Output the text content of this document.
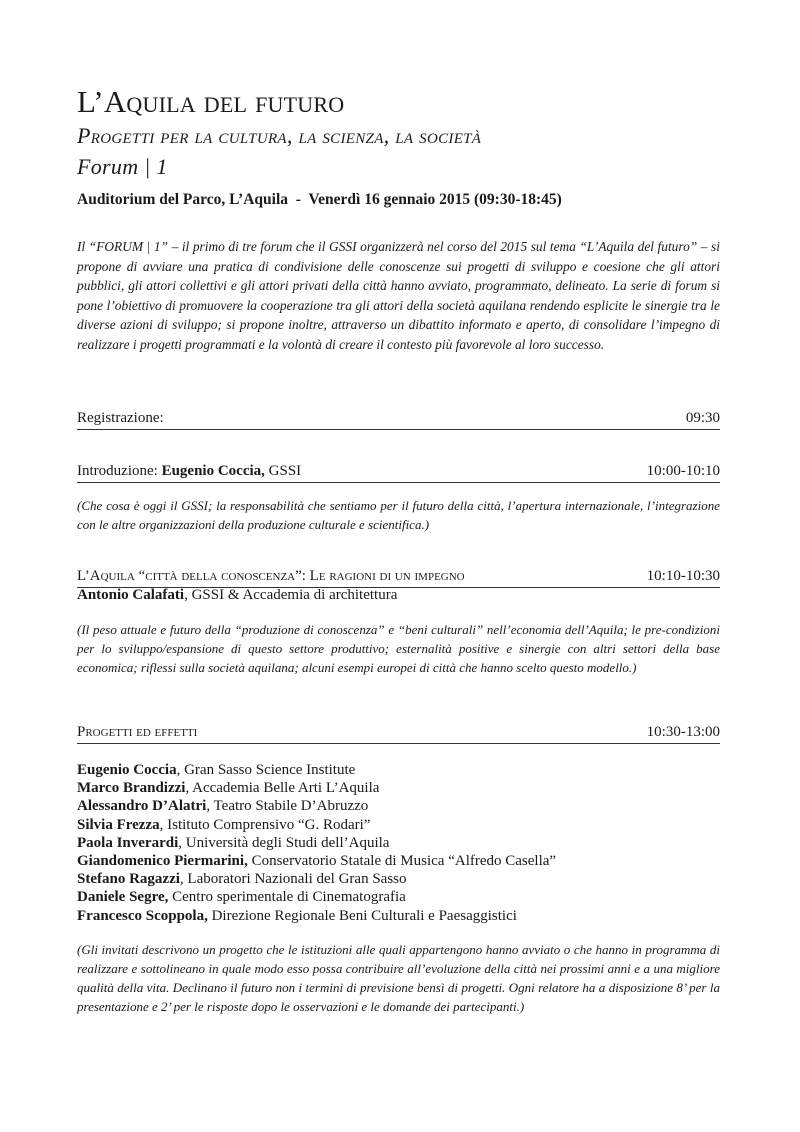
L’Aquila del futuro
Progetti per la cultura, la scienza, la società
Forum | 1
Auditorium del Parco, L’Aquila  -  Venerdì 16 gennaio 2015 (09:30-18:45)

Il “FORUM | 1” – il primo di tre forum che il GSSI organizzerà nel corso del 2015 sul tema “L’Aquila del futuro” – si propone di avviare una pratica di condivisione delle conoscenze sui progetti di sviluppo e coesione che gli attori pubblici, gli attori collettivi e gli attori privati della città hanno avviato, programmato, delineato. La serie di forum si pone l’obiettivo di promuovere la cooperazione tra gli attori della società aquilana rendendo esplicite le sinergie tra le diverse azioni di sviluppo; si propone inoltre, attraverso un dibattito informato e aperto, di consolidare l’impegno di realizzare i progetti programmati e la volontà di creare il contesto più favorevole al loro successo.

Registrazione:	09:30
Introduzione: Eugenio Coccia, GSSI	10:00-10:10

(Che cosa è oggi il GSSI; la responsabilità che sentiamo per il futuro della città, l’apertura internazionale, l’integrazione con le altre organizzazioni della produzione culturale e scientifica.)

L’Aquila “città della conoscenza”: Le ragioni di un impegno	10:10-10:30
Antonio Calafati, GSSI & Accademia di architettura

(Il peso attuale e futuro della “produzione di conoscenza” e “beni culturali” nell’economia dell’Aquila; le pre-condizioni per lo sviluppo/espansione di questo settore produttivo; esternalità positive e sinergie con altri settori della base economica; riflessi sulla società aquilana; alcuni esempi europei di città che hanno scelto questo modello.)

Progetti ed effetti	10:30-13:00
Eugenio Coccia, Gran Sasso Science Institute
Marco Brandizzi, Accademia Belle Arti L’Aquila
Alessandro D’Alatri, Teatro Stabile D’Abruzzo
Silvia Frezza, Istituto Comprensivo “G. Rodari”
Paola Inverardi, Università degli Studi dell’Aquila
Giandomenico Piermarini, Conservatorio Statale di Musica “Alfredo Casella”
Stefano Ragazzi, Laboratori Nazionali del Gran Sasso
Daniele Segre, Centro sperimentale di Cinematografia
Francesco Scoppola, Direzione Regionale Beni Culturali e Paesaggistici

(Gli invitati descrivono un progetto che le istituzioni alle quali appartengono hanno avviato o che hanno in programma di realizzare e sottolineano in quale modo esso possa contribuire all’evoluzione della città nei prossimi anni e a una migliore qualità della vita. Declinano il futuro non i termini di previsione bensì di progetti. Ogni relatore ha a disposizione 8’ per la presentazione e 2’ per le risposte dopo le osservazioni e le domande dei partecipanti.)
